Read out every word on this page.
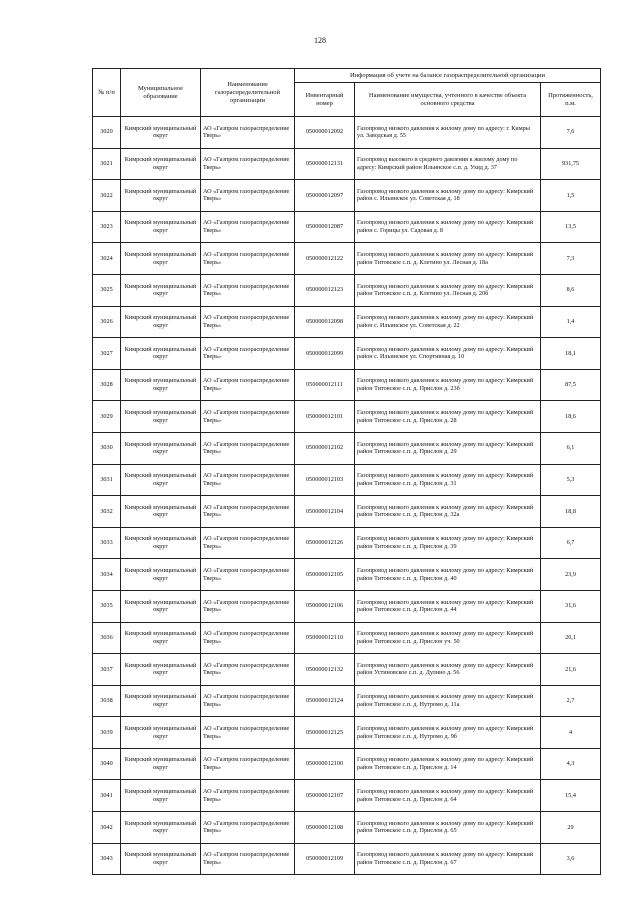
128
№ п/п	Муниципальное образование	Наименование газораспределительной организации	Информация об учете на балансе газораспределительной организации		
			Инвентарный номер	Наименование имущества, учтенного в качестве объекта основного средства	Протяженность, п.м.
3020	Кимрский муниципальный округ	АО «Газпром газораспределение Тверь»	050000012092	Газопровод низкого давления к жилому дому по адресу: г. Кимры ул. Заводская д. 55	7,6
3021	Кимрский муниципальный округ	АО «Газпром газораспределение Тверь»	050000012131	Газопровод высокого и среднего давления к жилому дому по адресу: Кимрский район Ильинское с.п. д. Ухвд д. 37	931,75
3022	Кимрский муниципальный округ	АО «Газпром газораспределение Тверь»	050000012097	Газопровод низкого давления к жилому дому по адресу: Кимрский район с. Ильинское ул. Советская д. 18	1,5
3023	Кимрский муниципальный округ	АО «Газпром газораспределение Тверь»	050000012087	Газопровод низкого давления к жилому дому по адресу: Кимрский район с. Горицы ул. Садовая д. 8	13,5
3024	Кимрский муниципальный округ	АО «Газпром газораспределение Тверь»	050000012122	Газопровод низкого давления к жилому дому по адресу: Кимрский район Титовское с.п. д. Клетино ул. Лесная д. 18а	7,3
3025	Кимрский муниципальный округ	АО «Газпром газораспределение Тверь»	050000012123	Газопровод низкого давления к жилому дому по адресу: Кимрский район Титовское с.п. д. Клетино ул. Лесная д. 20б	8,6
3026	Кимрский муниципальный округ	АО «Газпром газораспределение Тверь»	050000012098	Газопровод низкого давления к жилому дому по адресу: Кимрский район с. Ильинское ул. Советская д. 22	1,4
3027	Кимрский муниципальный округ	АО «Газпром газораспределение Тверь»	050000012099	Газопровод низкого давления к жилому дому по адресу: Кимрский район с. Ильинское ул. Спортивная д. 10	18,1
3028	Кимрский муниципальный округ	АО «Газпром газораспределение Тверь»	050000012111	Газопровод низкого давления к жилому дому по адресу: Кимрский район Титовское с.п. д. Прислон д. 23б	87,5
3029	Кимрский муниципальный округ	АО «Газпром газораспределение Тверь»	050000012101	Газопровод низкого давления к жилому дому по адресу: Кимрский район Титовское с.п. д. Прислон д. 28	18,6
3030	Кимрский муниципальный округ	АО «Газпром газораспределение Тверь»	050000012102	Газопровод низкого давления к жилому дому по адресу: Кимрский район Титовское с.п. д. Прислон д. 29	6,1
3031	Кимрский муниципальный округ	АО «Газпром газораспределение Тверь»	050000012103	Газопровод низкого давления к жилому дому по адресу: Кимрский район Титовское с.п. д. Прислон д. 31	5,3
3032	Кимрский муниципальный округ	АО «Газпром газораспределение Тверь»	050000012104	Газопровод низкого давления к жилому дому по адресу: Кимрский район Титовское с.п. д. Прислон д. 32а	18,8
3033	Кимрский муниципальный округ	АО «Газпром газораспределение Тверь»	050000012126	Газопровод низкого давления к жилому дому по адресу: Кимрский район Титовское с.п. д. Прислон д. 39	6,7
3034	Кимрский муниципальный округ	АО «Газпром газораспределение Тверь»	050000012105	Газопровод низкого давления к жилому дому по адресу: Кимрский район Титовское с.п. д. Прислон д. 40	23,9
3035	Кимрский муниципальный округ	АО «Газпром газораспределение Тверь»	050000012106	Газопровод низкого давления к жилому дому по адресу: Кимрский район Титовское с.п. д. Прислон д. 44	31,6
3036	Кимрский муниципальный округ	АО «Газпром газораспределение Тверь»	050000012110	Газопровод низкого давления к жилому дому по адресу: Кимрский район Титовское с.п. д. Прислон уч. 50	20,1
3037	Кимрский муниципальный округ	АО «Газпром газораспределение Тверь»	050000012132	Газопровод низкого давления к жилому дому по адресу: Кимрский район Устиновское с.п. д. Дулино д. 56	21,6
3038	Кимрский муниципальный округ	АО «Газпром газораспределение Тверь»	050000012124	Газопровод низкого давления к жилому дому по адресу: Кимрский район Титовское с.п. д. Нутромо д. 11а	2,7
3039	Кимрский муниципальный округ	АО «Газпром газораспределение Тверь»	050000012125	Газопровод низкого давления к жилому дому по адресу: Кимрский район Титовское с.п. д. Нутромо д. 9б	4
3040	Кимрский муниципальный округ	АО «Газпром газораспределение Тверь»	050000012100	Газопровод низкого давления к жилому дому по адресу: Кимрский район Титовское с.п. д. Прислон д. 14	4,3
3041	Кимрский муниципальный округ	АО «Газпром газораспределение Тверь»	050000012107	Газопровод низкого давления к жилому дому по адресу: Кимрский район Титовское с.п. д. Прислон д. 64	15,4
3042	Кимрский муниципальный округ	АО «Газпром газораспределение Тверь»	050000012108	Газопровод низкого давления к жилому дому по адресу: Кимрский район Титовское с.п. д. Прислон д. 65	29
3043	Кимрский муниципальный округ	АО «Газпром газораспределение Тверь»	050000012109	Газопровод низкого давления к жилому дому по адресу: Кимрский район Титовское с.п. д. Прислон д. 67	3,6
